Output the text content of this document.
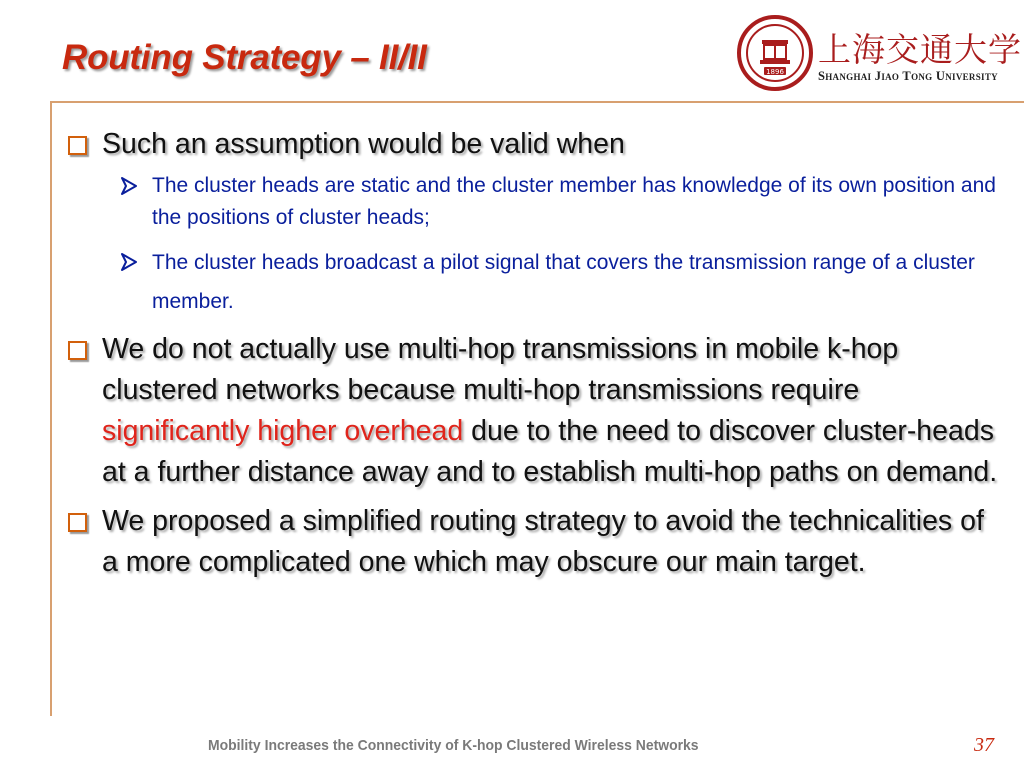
Routing Strategy – II/II	1896
上海交通大学
Shanghai Jiao Tong University
Such an assumption would be valid when
The cluster heads are static and the cluster member has knowledge of its own position and the positions of cluster heads;
The cluster heads broadcast a pilot signal that covers the transmission range of a cluster member.
We do not actually use multi-hop transmissions in mobile k-hop clustered networks because multi-hop transmissions require significantly higher overhead due to the need to discover cluster-heads at a further distance away and to establish multi-hop paths on demand.
We proposed a simplified routing strategy to avoid the technicalities of a more complicated one which may obscure our main target.
Mobility Increases the Connectivity of K-hop Clustered Wireless Networks	37
